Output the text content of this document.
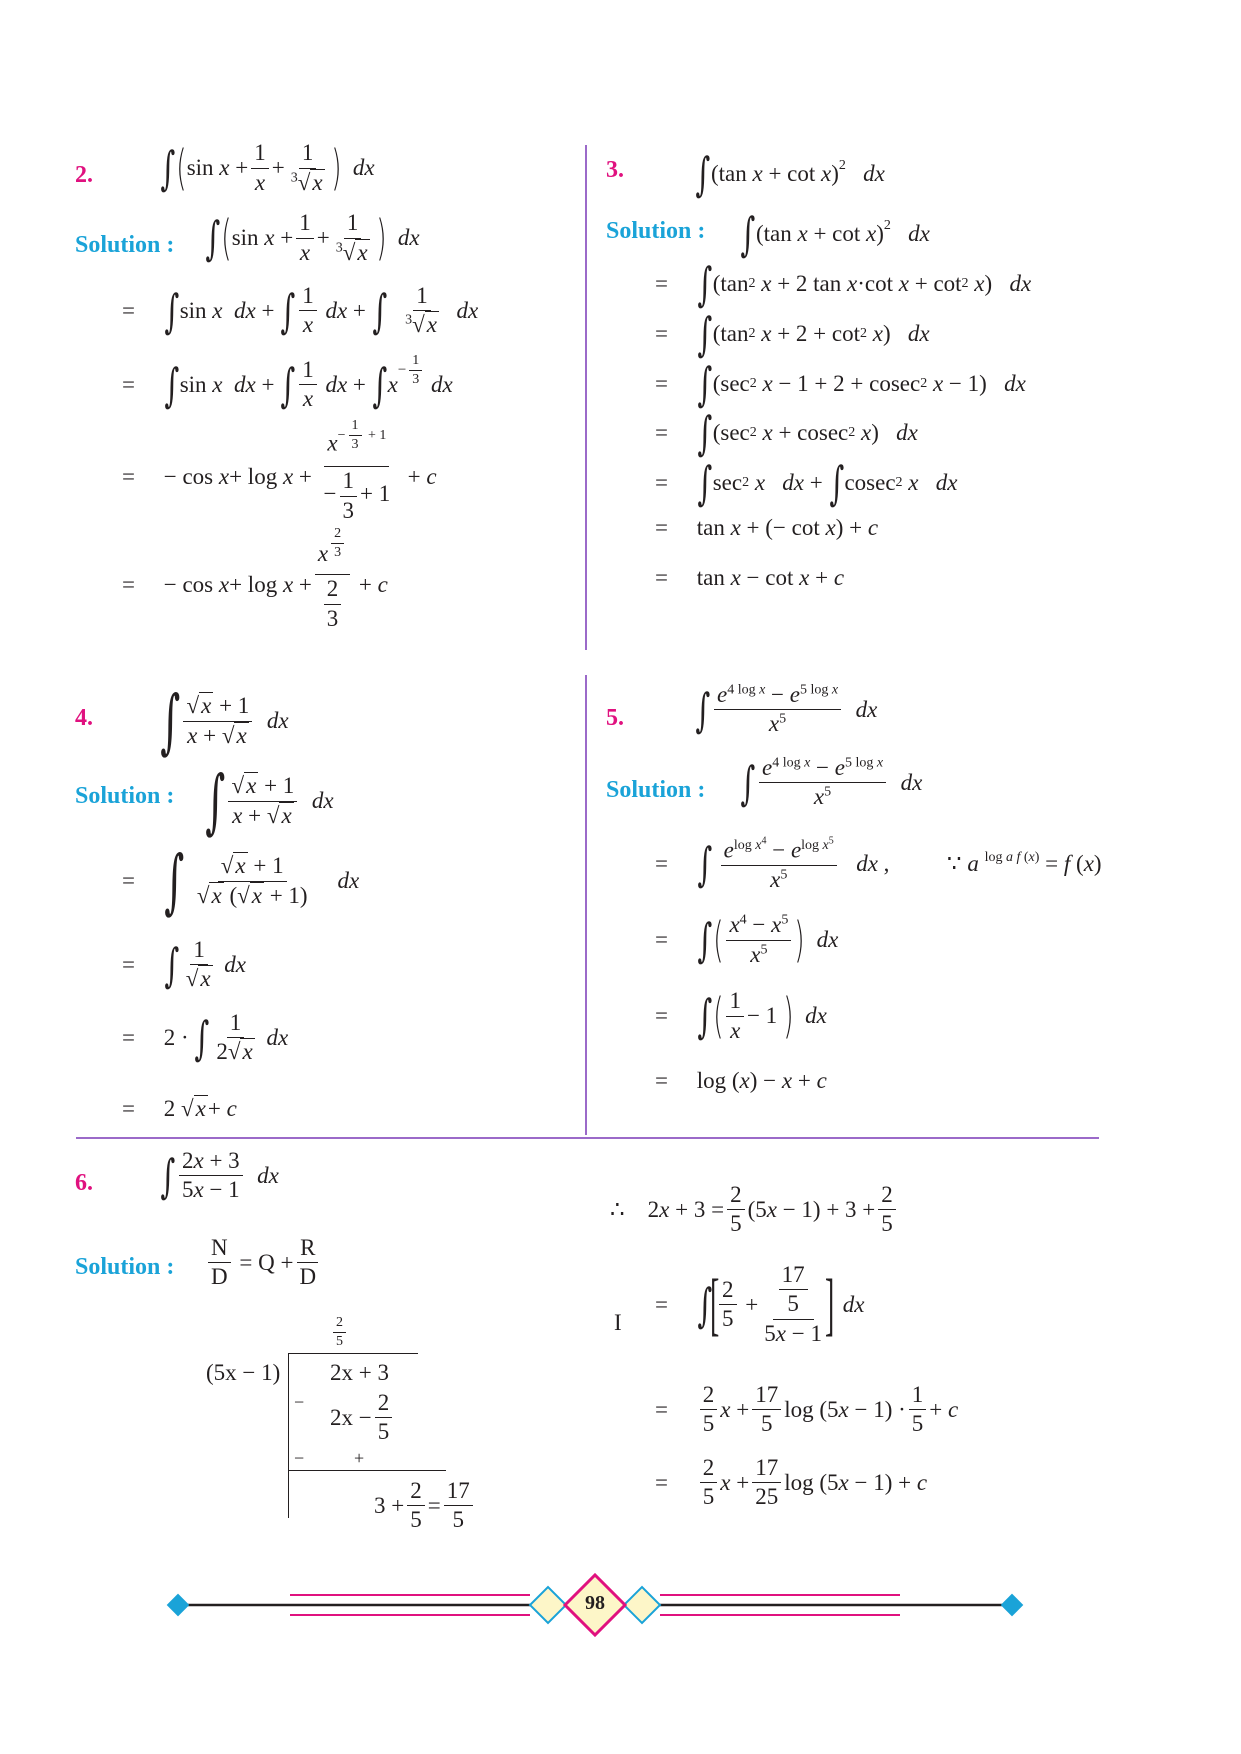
2. ∫ ( sin x +
1
x
+
1
$^3$√x )
dx
Solution : ∫ ( sin x +
1
x
+
1
$^3$√x )
dx
= ∫ sin x
dx + ∫ 1
x

dx + ∫
1
$^3$√x

dx
= ∫ sin x
dx + ∫ 1
x

dx + ∫ x
−
1
3
dx
=     − cos x + log x +
x−
1
3
+ 1
− $\frac{1}{3} + 1$
+ c
=     − cos x + log x +
x $\frac{2}{3}$
$\frac{2}{3} + c$
3. ∫ (tan x + cot x )$^2$
dx
Solution : ∫ (tan x + cot x )$^2$
dx
= ∫ (tan 2 x + 2 tan x ·cot x + cot 2 x ) dx
= ∫ (tan 2 x + 2 + cot 2 x ) dx
= ∫ (sec 2 x − 1 + 2 + cosec 2 x − 1) dx
= ∫ (sec 2 x + cosec 2 x ) dx
= ∫ sec 2 x
dx + ∫ cosec 2 x
dx
=     tan x + (− cot x ) + c
=     tan x − cot x + c
4. ∫ √x + 1
x + √x

dx
Solution : ∫ √x + 1
x + √x

dx
= ∫ √x + 1
√x (√x + 1)

dx
= ∫ 1
√x

dx
=     2 · ∫ 1
2√x

dx
=     2 √ x + c
5. ∫ $e^{4 log x} - e^{5 log x}$
$x^5$
	dx
Solution : ∫ $e^{4 log x} - e^{5 log x}$
$x^5$
	dx
= ∫ $e^{log x^4} - e^{log x^5}$
$x^5$
	dx ,          ∵ a
$^{log a f (x)}$ = f ( x )
= ∫ ( $x^4 - x^5$
$x^5$ )
dx
= ∫ ( 1
x
− 1 )
dx
=     log ( x ) − x + c
6. ∫ 2x + 3
5x − 1

dx
Solution :
N
D
= Q +
R
D
$\frac{2}{5}$
(5x − 1) 2x + 3
−
$2x - \frac{2}{5}$
−	+
$3 + \frac{2}{5} = \frac{17}{5}$
∴ 2 x + 3 =
2
5
(5 x − 1) + 3 +
2
5
I
= ∫
[ 2
5
+ $\frac{17}{5}$
5x − 1 ]
dx
=
2
5
x +
17
5
log (5 x − 1) ·
1
5
+ c
=
2
5
x +
17
25
log (5 x − 1) + c
98
